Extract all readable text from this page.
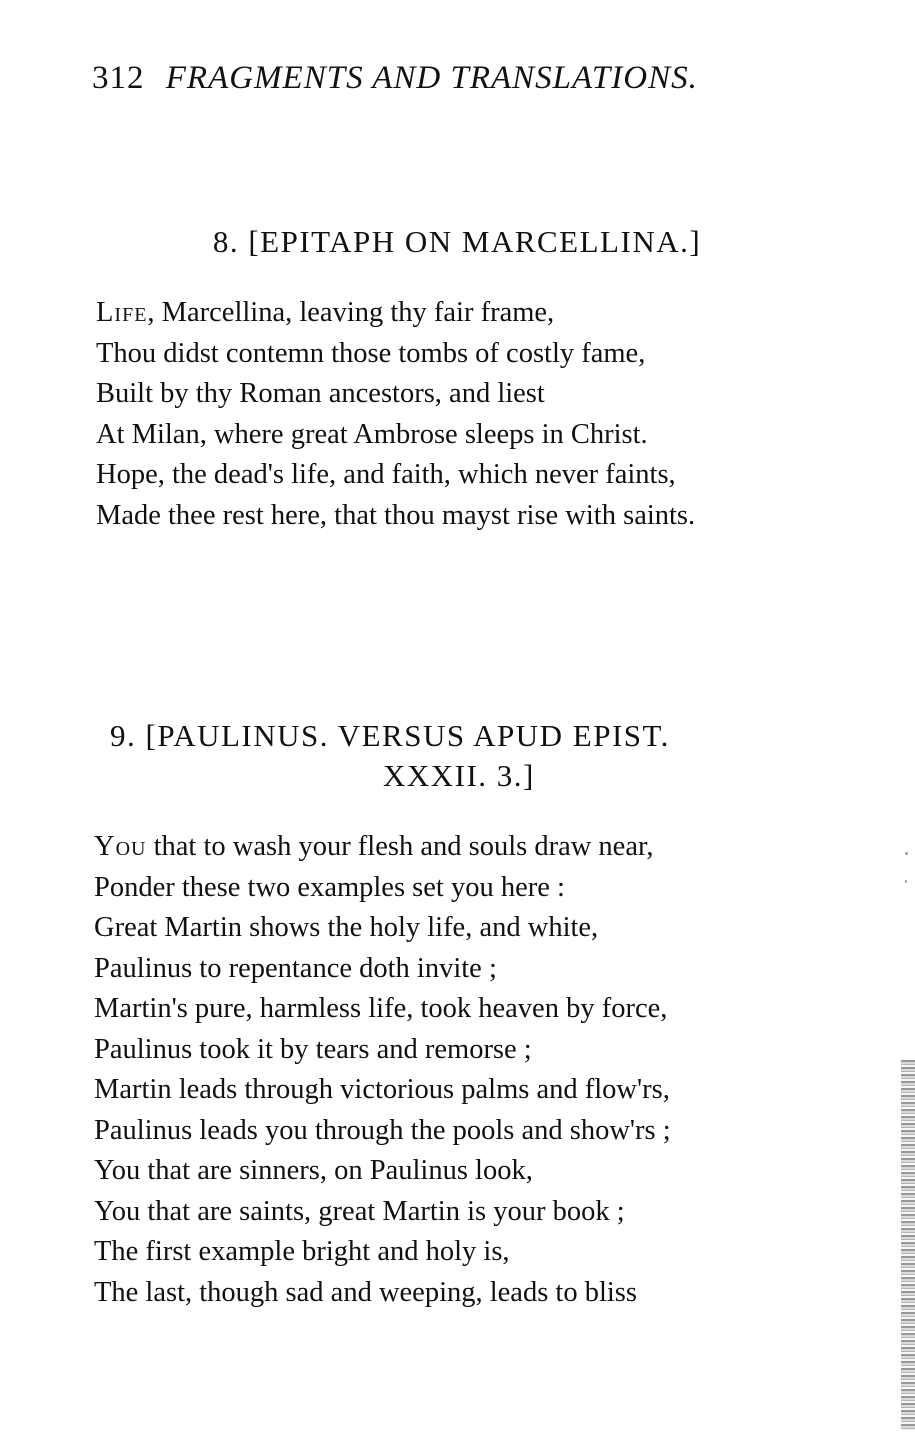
312 FRAGMENTS AND TRANSLATIONS.
8. [EPITAPH ON MARCELLINA.]
Life, Marcellina, leaving thy fair frame,
Thou didst contemn those tombs of costly fame,
Built by thy Roman ancestors, and liest
At Milan, where great Ambrose sleeps in Christ.
Hope, the dead's life, and faith, which never faints,
Made thee rest here, that thou mayst rise with saints.
9. [PAULINUS. VERSUS APUD EPIST.
XXXII. 3.]
You that to wash your flesh and souls draw near,
Ponder these two examples set you here :
Great Martin shows the holy life, and white,
Paulinus to repentance doth invite ;
Martin's pure, harmless life, took heaven by force,
Paulinus took it by tears and remorse ;
Martin leads through victorious palms and flow'rs,
Paulinus leads you through the pools and show'rs ;
You that are sinners, on Paulinus look,
You that are saints, great Martin is your book ;
The first example bright and holy is,
The last, though sad and weeping, leads to bliss
